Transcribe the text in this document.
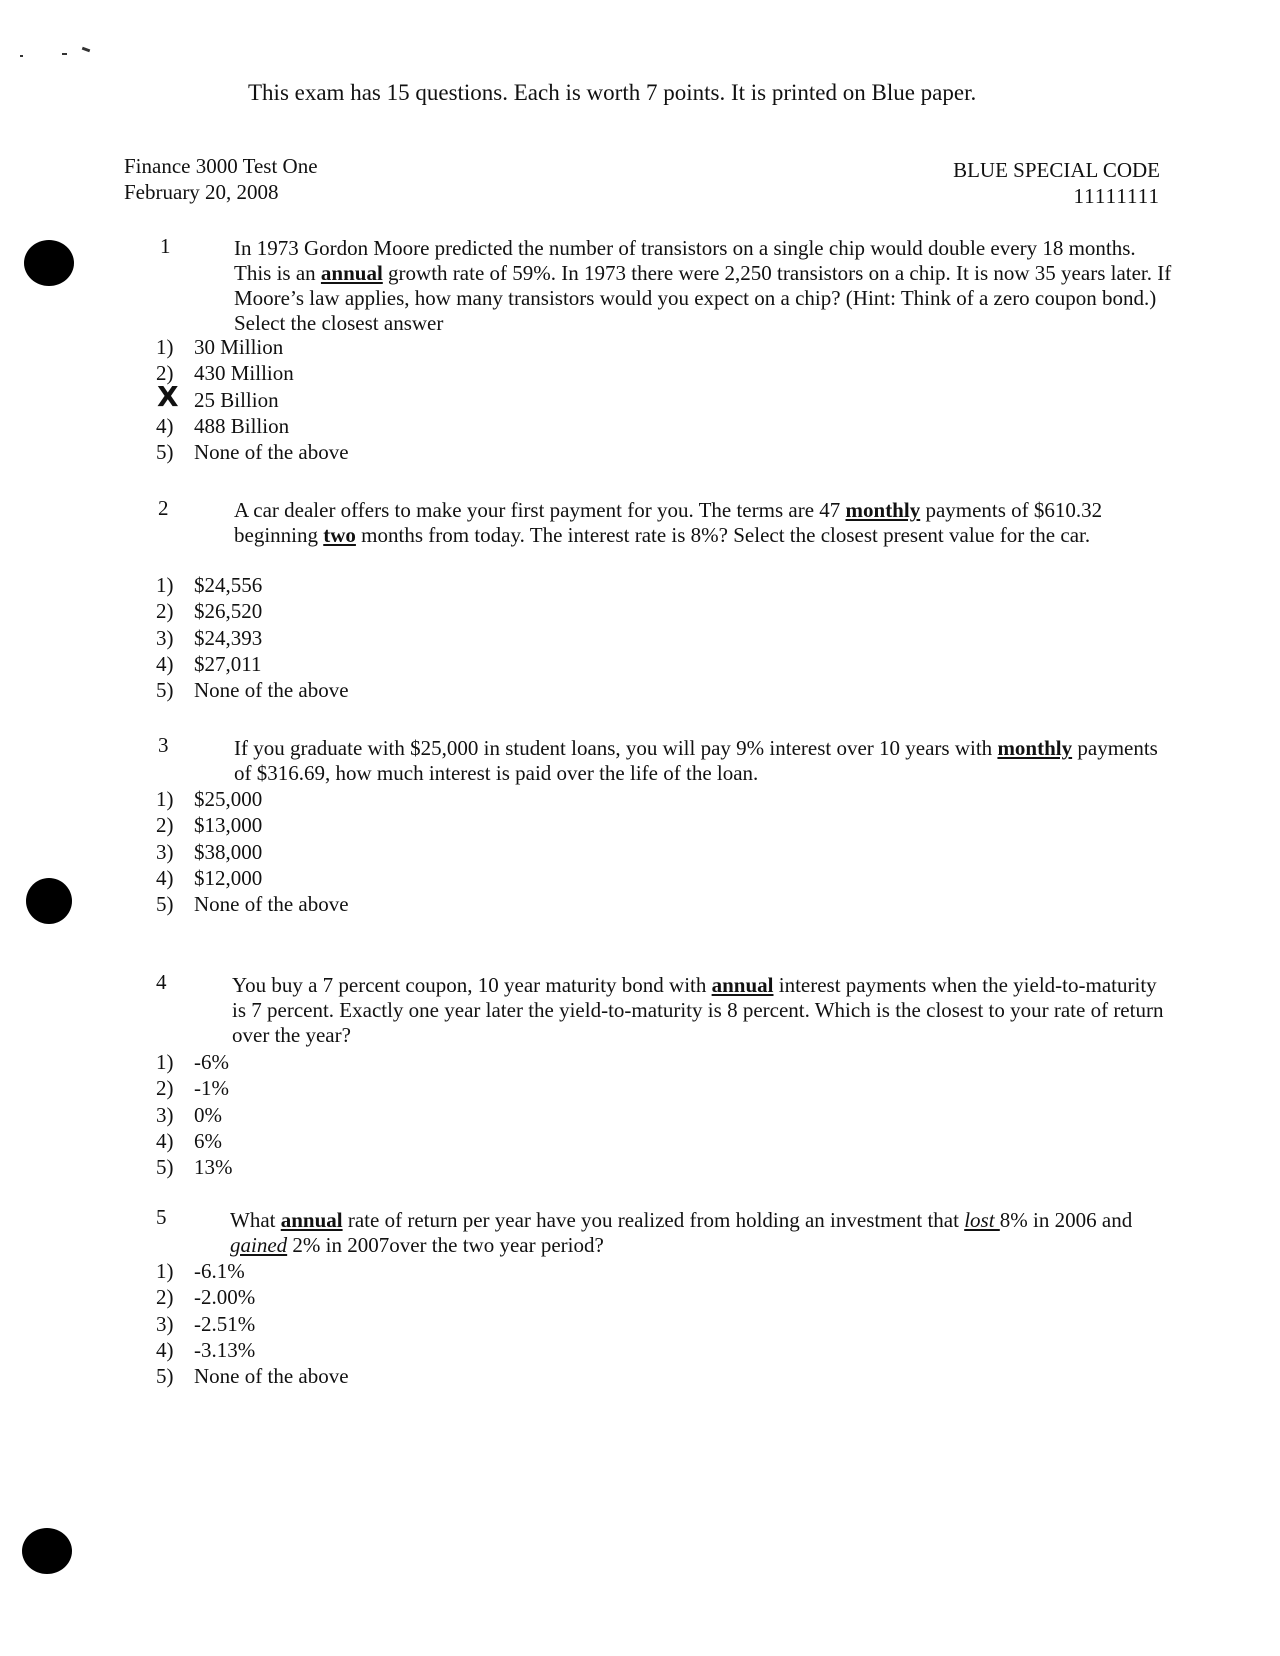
This exam has 15 questions. Each is worth 7 points. It is printed on Blue paper.
Finance 3000 Test One
February 20, 2008
BLUE SPECIAL CODE
11111111
1	In 1973 Gordon Moore predicted the number of transistors on a single chip would double every 18 months. This is an annual growth rate of 59%. In 1973 there were 2,250 transistors on a chip. It is now 35 years later. If Moore’s law applies, how many transistors would you expect on a chip? (Hint: Think of a zero coupon bond.) Select the closest answer
1) 30 Million
2) 430 Million
X 25 Billion
4) 488 Billion
5) None of the above
2	A car dealer offers to make your first payment for you. The terms are 47 monthly payments of $610.32 beginning two months from today. The interest rate is 8%? Select the closest present value for the car.
1) $24,556
2) $26,520
3) $24,393
4) $27,011
5) None of the above
3	If you graduate with $25,000 in student loans, you will pay 9% interest over 10 years with monthly payments of $316.69, how much interest is paid over the life of the loan.
1) $25,000
2) $13,000
3) $38,000
4) $12,000
5) None of the above
4	You buy a 7 percent coupon, 10 year maturity bond with annual interest payments when the yield-to-maturity is 7 percent. Exactly one year later the yield-to-maturity is 8 percent. Which is the closest to your rate of return over the year?
1) -6%
2) -1%
3) 0%
4) 6%
5) 13%
5	What annual rate of return per year have you realized from holding an investment that lost 8% in 2006 and gained 2% in 2007over the two year period?
1) -6.1%
2) -2.00%
3) -2.51%
4) -3.13%
5) None of the above
